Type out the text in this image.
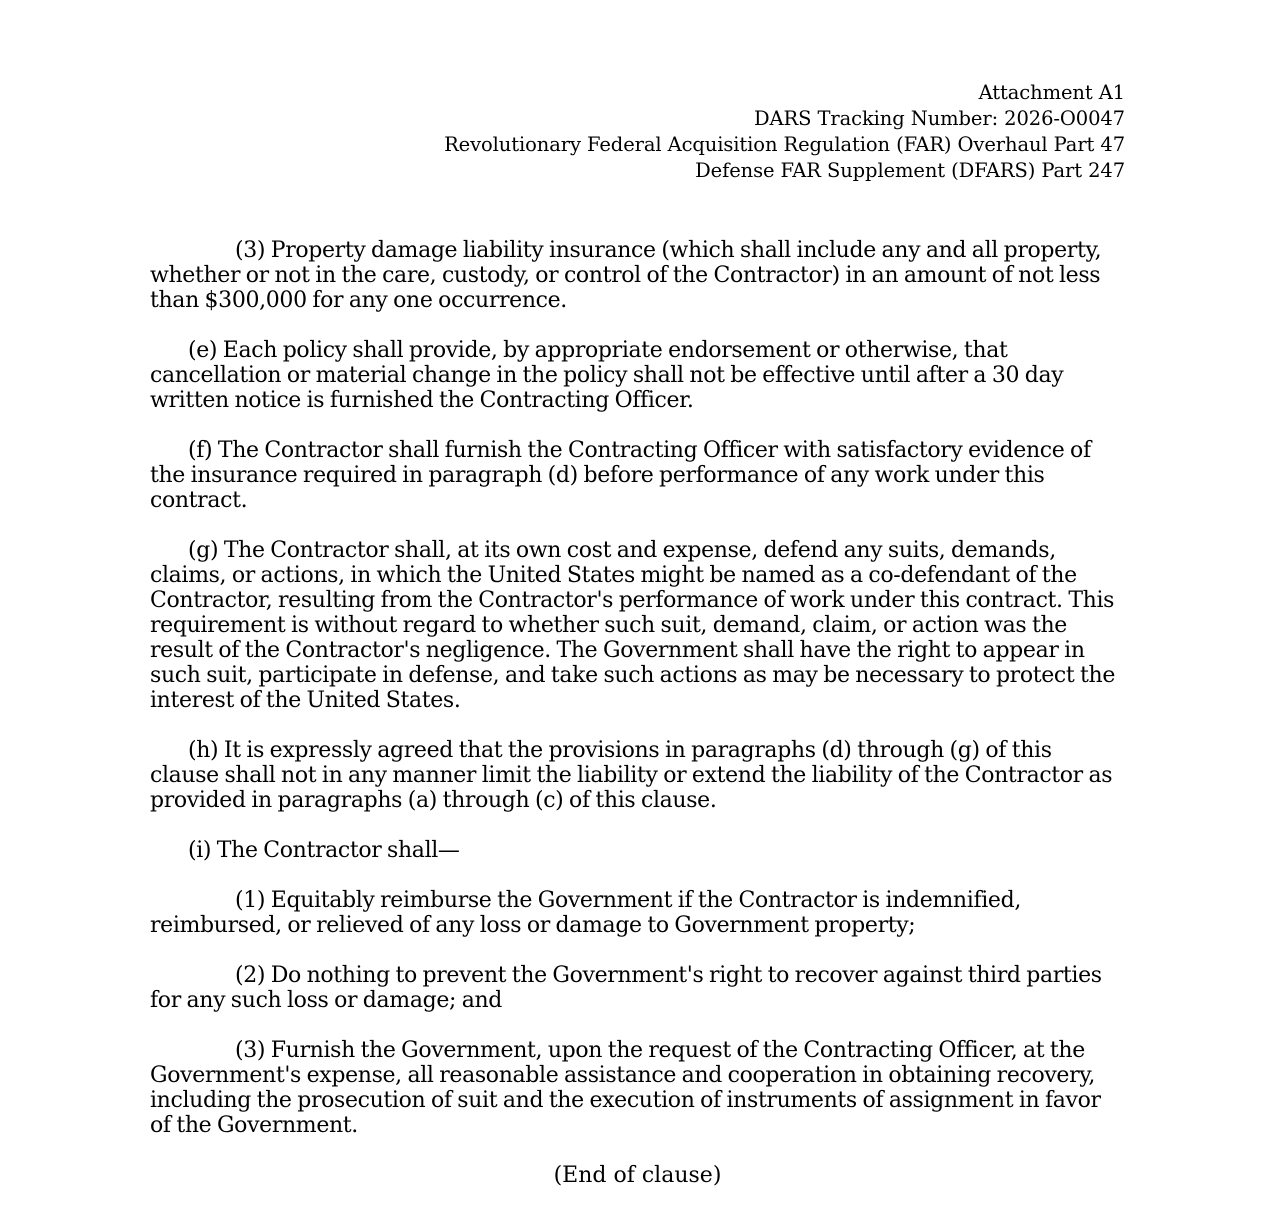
Attachment A1
DARS Tracking Number: 2026-O0047
Revolutionary Federal Acquisition Regulation (FAR) Overhaul Part 47
Defense FAR Supplement (DFARS) Part 247

(3) Property damage liability insurance (which shall include any and all property, whether or not in the care, custody, or control of the Contractor) in an amount of not less than $300,000 for any one occurrence.

(e) Each policy shall provide, by appropriate endorsement or otherwise, that cancellation or material change in the policy shall not be effective until after a 30 day written notice is furnished the Contracting Officer.

(f) The Contractor shall furnish the Contracting Officer with satisfactory evidence of the insurance required in paragraph (d) before performance of any work under this contract.

(g) The Contractor shall, at its own cost and expense, defend any suits, demands, claims, or actions, in which the United States might be named as a co-defendant of the Contractor, resulting from the Contractor's performance of work under this contract. This requirement is without regard to whether such suit, demand, claim, or action was the result of the Contractor's negligence. The Government shall have the right to appear in such suit, participate in defense, and take such actions as may be necessary to protect the interest of the United States.

(h) It is expressly agreed that the provisions in paragraphs (d) through (g) of this clause shall not in any manner limit the liability or extend the liability of the Contractor as provided in paragraphs (a) through (c) of this clause.

(i) The Contractor shall—

(1) Equitably reimburse the Government if the Contractor is indemnified, reimbursed, or relieved of any loss or damage to Government property;

(2) Do nothing to prevent the Government's right to recover against third parties for any such loss or damage; and

(3) Furnish the Government, upon the request of the Contracting Officer, at the Government's expense, all reasonable assistance and cooperation in obtaining recovery, including the prosecution of suit and the execution of instruments of assignment in favor of the Government.

(End of clause)
